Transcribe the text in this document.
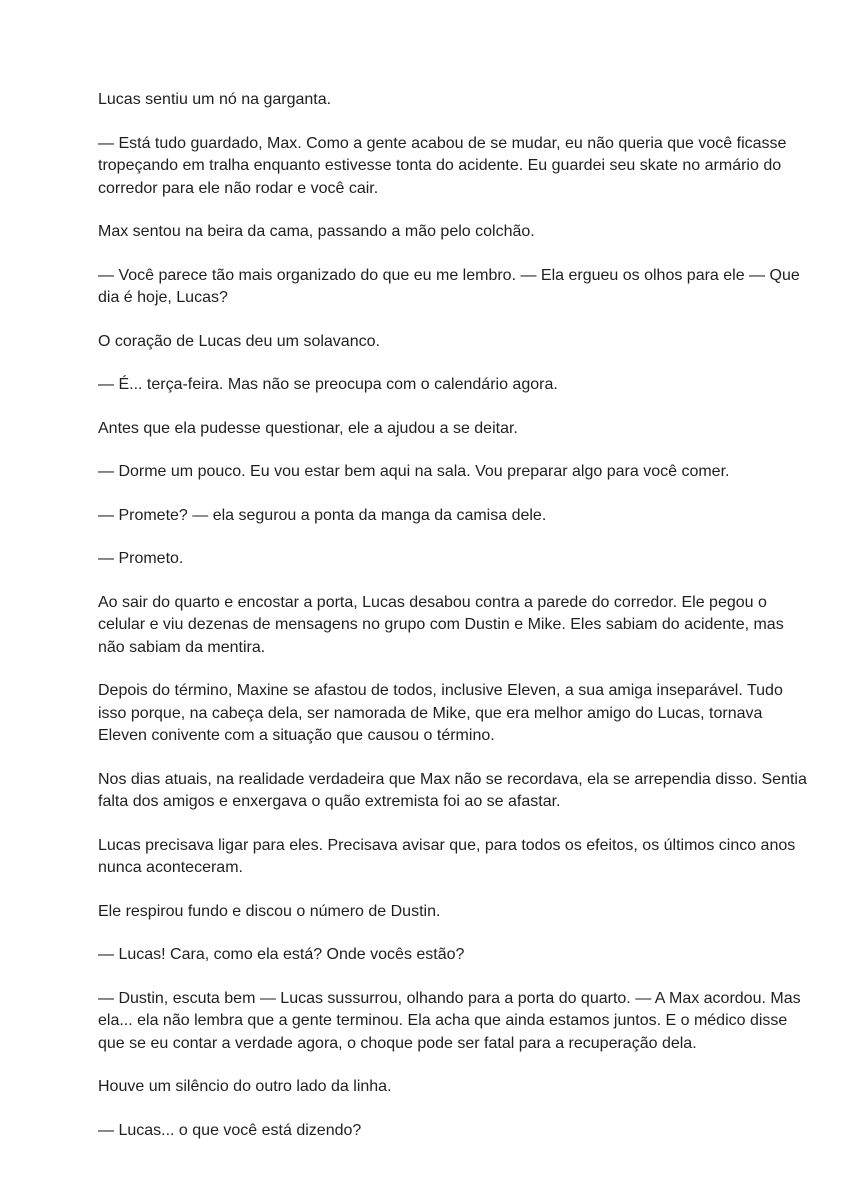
Lucas sentiu um nó na garganta.

— Está tudo guardado, Max. Como a gente acabou de se mudar, eu não queria que você ficasse tropeçando em tralha enquanto estivesse tonta do acidente. Eu guardei seu skate no armário do corredor para ele não rodar e você cair.

Max sentou na beira da cama, passando a mão pelo colchão.

— Você parece tão mais organizado do que eu me lembro. — Ela ergueu os olhos para ele — Que dia é hoje, Lucas?

O coração de Lucas deu um solavanco.

— É... terça-feira. Mas não se preocupa com o calendário agora.

Antes que ela pudesse questionar, ele a ajudou a se deitar.

— Dorme um pouco. Eu vou estar bem aqui na sala. Vou preparar algo para você comer.

— Promete? — ela segurou a ponta da manga da camisa dele.

— Prometo.

Ao sair do quarto e encostar a porta, Lucas desabou contra a parede do corredor. Ele pegou o celular e viu dezenas de mensagens no grupo com Dustin e Mike. Eles sabiam do acidente, mas não sabiam da mentira.

Depois do término, Maxine se afastou de todos, inclusive Eleven, a sua amiga inseparável. Tudo isso porque, na cabeça dela, ser namorada de Mike, que era melhor amigo do Lucas, tornava Eleven conivente com a situação que causou o término.

Nos dias atuais, na realidade verdadeira que Max não se recordava, ela se arrependia disso. Sentia falta dos amigos e enxergava o quão extremista foi ao se afastar.

Lucas precisava ligar para eles. Precisava avisar que, para todos os efeitos, os últimos cinco anos nunca aconteceram.

Ele respirou fundo e discou o número de Dustin.

— Lucas! Cara, como ela está? Onde vocês estão?

— Dustin, escuta bem — Lucas sussurrou, olhando para a porta do quarto. — A Max acordou. Mas ela... ela não lembra que a gente terminou. Ela acha que ainda estamos juntos. E o médico disse que se eu contar a verdade agora, o choque pode ser fatal para a recuperação dela.

Houve um silêncio do outro lado da linha.

— Lucas... o que você está dizendo?
